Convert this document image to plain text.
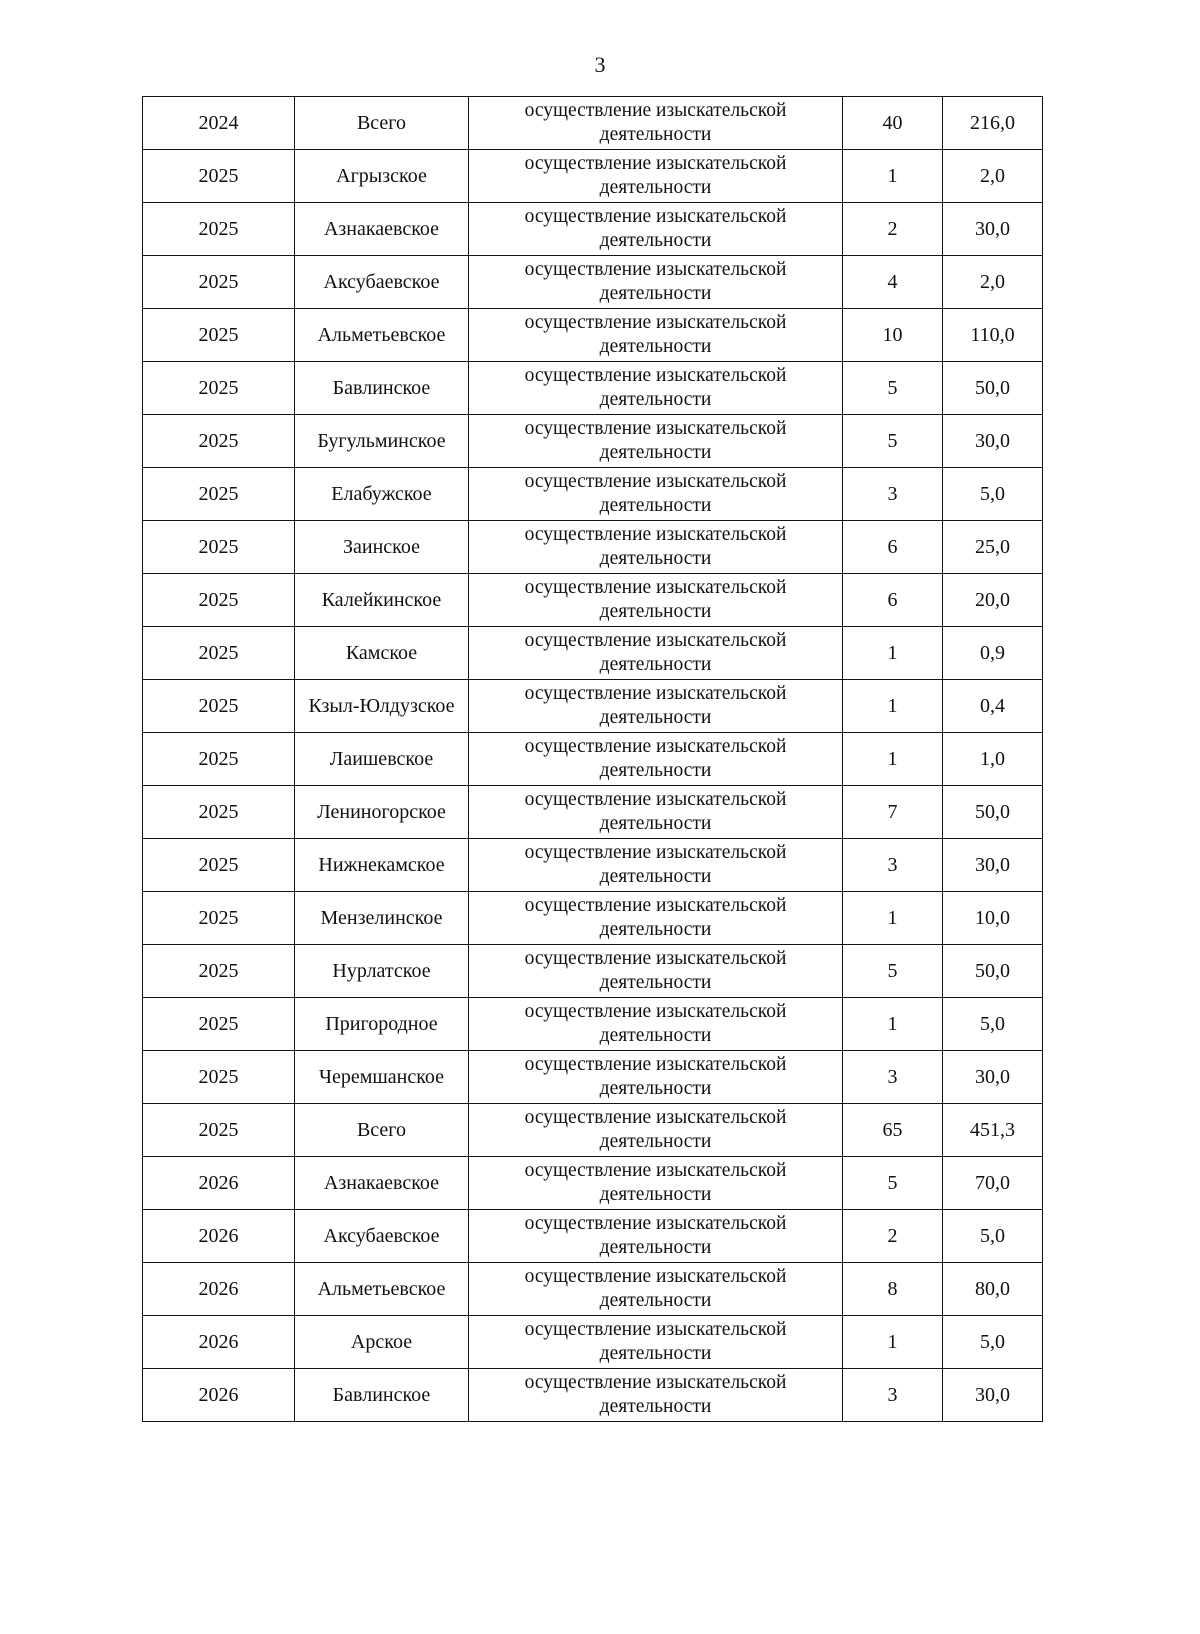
3
2024	Всего	осуществление изыскательской деятельности	40	216,0
2025	Агрызское	осуществление изыскательской деятельности	1	2,0
2025	Азнакаевское	осуществление изыскательской деятельности	2	30,0
2025	Аксубаевское	осуществление изыскательской деятельности	4	2,0
2025	Альметьевское	осуществление изыскательской деятельности	10	110,0
2025	Бавлинское	осуществление изыскательской деятельности	5	50,0
2025	Бугульминское	осуществление изыскательской деятельности	5	30,0
2025	Елабужское	осуществление изыскательской деятельности	3	5,0
2025	Заинское	осуществление изыскательской деятельности	6	25,0
2025	Калейкинское	осуществление изыскательской деятельности	6	20,0
2025	Камское	осуществление изыскательской деятельности	1	0,9
2025	Кзыл-Юлдузское	осуществление изыскательской деятельности	1	0,4
2025	Лаишевское	осуществление изыскательской деятельности	1	1,0
2025	Лениногорское	осуществление изыскательской деятельности	7	50,0
2025	Нижнекамское	осуществление изыскательской деятельности	3	30,0
2025	Мензелинское	осуществление изыскательской деятельности	1	10,0
2025	Нурлатское	осуществление изыскательской деятельности	5	50,0
2025	Пригородное	осуществление изыскательской деятельности	1	5,0
2025	Черемшанское	осуществление изыскательской деятельности	3	30,0
2025	Всего	осуществление изыскательской деятельности	65	451,3
2026	Азнакаевское	осуществление изыскательской деятельности	5	70,0
2026	Аксубаевское	осуществление изыскательской деятельности	2	5,0
2026	Альметьевское	осуществление изыскательской деятельности	8	80,0
2026	Арское	осуществление изыскательской деятельности	1	5,0
2026	Бавлинское	осуществление изыскательской деятельности	3	30,0
